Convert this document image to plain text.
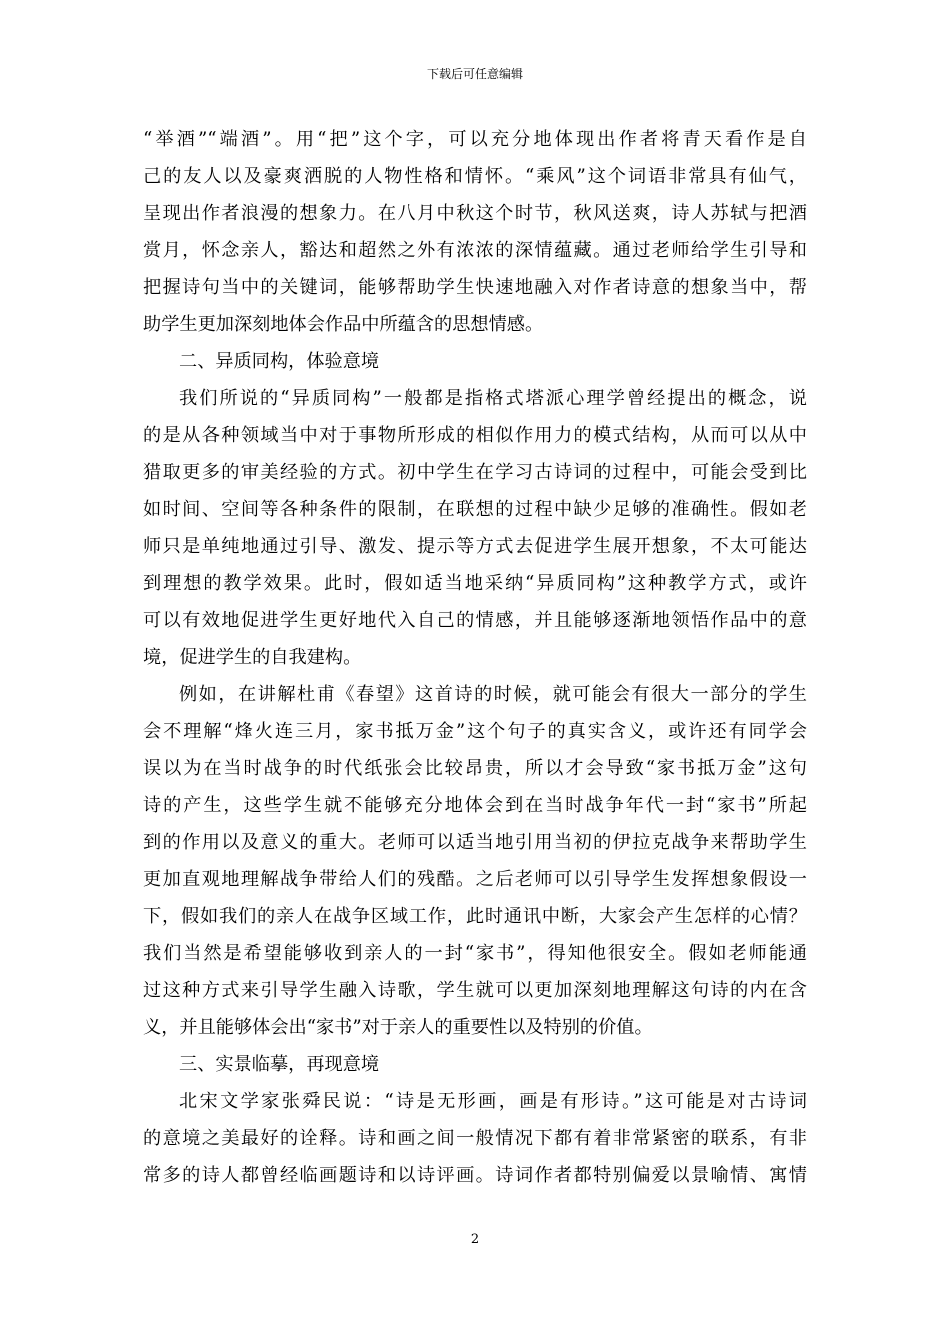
下载后可任意编辑
“举酒”“端酒”。用“把”这个字，可以充分地体现出作者将青天看作是自
己的友人以及豪爽洒脱的人物性格和情怀。“乘风”这个词语非常具有仙气，
呈现出作者浪漫的想象力。在八月中秋这个时节，秋风送爽，诗人苏轼与把酒
赏月，怀念亲人，豁达和超然之外有浓浓的深情蕴藏。通过老师给学生引导和
把握诗句当中的关键词，能够帮助学生快速地融入对作者诗意的想象当中，帮
助学生更加深刻地体会作品中所蕴含的思想情感。
二、异质同构，体验意境
我们所说的“异质同构”一般都是指格式塔派心理学曾经提出的概念，说
的是从各种领域当中对于事物所形成的相似作用力的模式结构，从而可以从中
猎取更多的审美经验的方式。初中学生在学习古诗词的过程中，可能会受到比
如时间、空间等各种条件的限制，在联想的过程中缺少足够的准确性。假如老
师只是单纯地通过引导、激发、提示等方式去促进学生展开想象，不太可能达
到理想的教学效果。此时，假如适当地采纳“异质同构”这种教学方式，或许
可以有效地促进学生更好地代入自己的情感，并且能够逐渐地领悟作品中的意
境，促进学生的自我建构。
例如，在讲解杜甫《春望》这首诗的时候，就可能会有很大一部分的学生
会不理解“烽火连三月，家书抵万金”这个句子的真实含义，或许还有同学会
误以为在当时战争的时代纸张会比较昂贵，所以才会导致“家书抵万金”这句
诗的产生，这些学生就不能够充分地体会到在当时战争年代一封“家书”所起
到的作用以及意义的重大。老师可以适当地引用当初的伊拉克战争来帮助学生
更加直观地理解战争带给人们的残酷。之后老师可以引导学生发挥想象假设一
下，假如我们的亲人在战争区域工作，此时通讯中断，大家会产生怎样的心情？
我们当然是希望能够收到亲人的一封“家书”，得知他很安全。假如老师能通
过这种方式来引导学生融入诗歌，学生就可以更加深刻地理解这句诗的内在含
义，并且能够体会出“家书”对于亲人的重要性以及特别的价值。
三、实景临摹，再现意境
北宋文学家张舜民说：“诗是无形画，画是有形诗。”这可能是对古诗词
的意境之美最好的诠释。诗和画之间一般情况下都有着非常紧密的联系，有非
常多的诗人都曾经临画题诗和以诗评画。诗词作者都特别偏爱以景喻情、寓情
2
